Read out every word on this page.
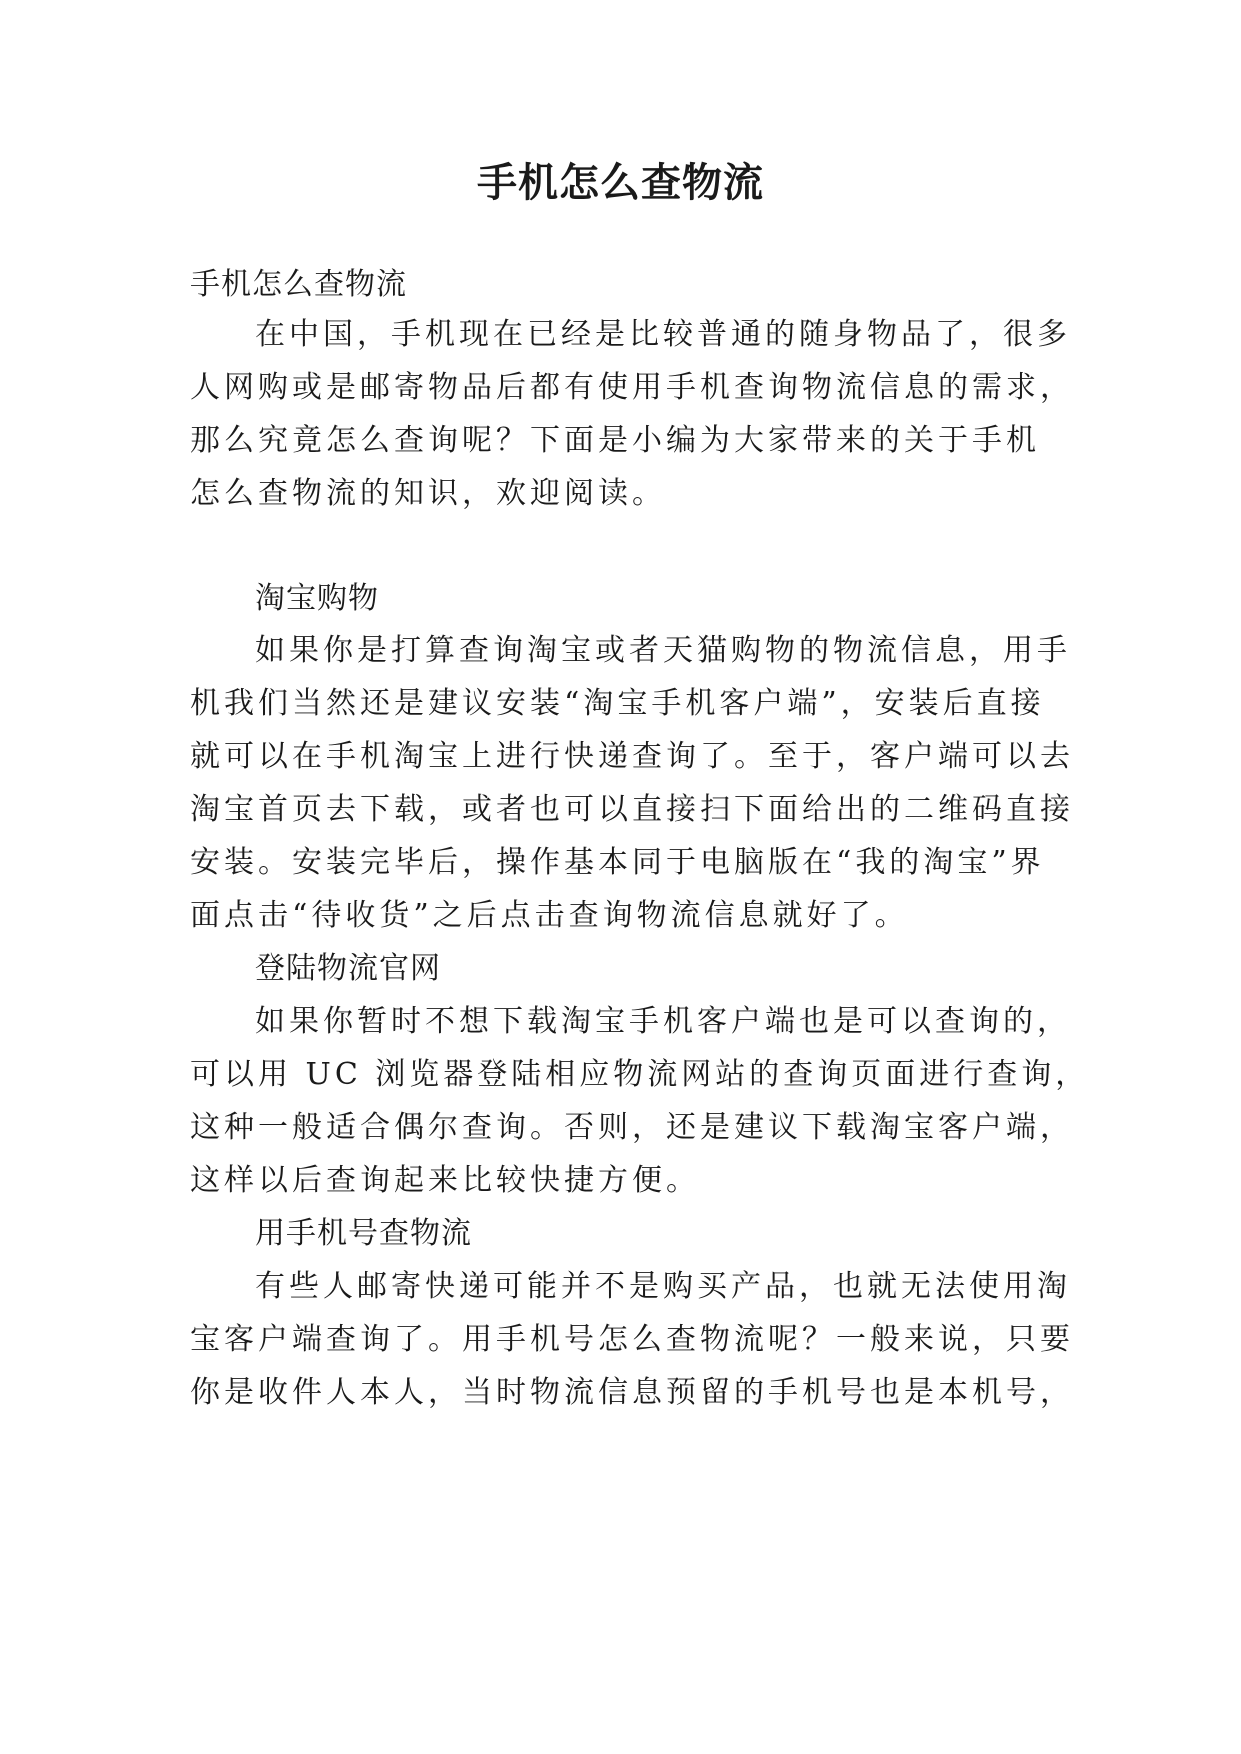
手机怎么查物流
手机怎么查物流
在中国，手机现在已经是比较普通的随身物品了，很多
人网购或是邮寄物品后都有使用手机查询物流信息的需求，
那么究竟怎么查询呢？下面是小编为大家带来的关于手机
怎么查物流的知识，欢迎阅读。
淘宝购物
如果你是打算查询淘宝或者天猫购物的物流信息，用手
机我们当然还是建议安装“淘宝手机客户端”，安装后直接
就可以在手机淘宝上进行快递查询了。至于，客户端可以去
淘宝首页去下载，或者也可以直接扫下面给出的二维码直接
安装。安装完毕后，操作基本同于电脑版在“我的淘宝”界
面点击“待收货”之后点击查询物流信息就好了。
登陆物流官网
如果你暂时不想下载淘宝手机客户端也是可以查询的，
可以用 UC 浏览器登陆相应物流网站的查询页面进行查询，
这种一般适合偶尔查询。否则，还是建议下载淘宝客户端，
这样以后查询起来比较快捷方便。
用手机号查物流
有些人邮寄快递可能并不是购买产品，也就无法使用淘
宝客户端查询了。用手机号怎么查物流呢？一般来说，只要
你是收件人本人，当时物流信息预留的手机号也是本机号，
